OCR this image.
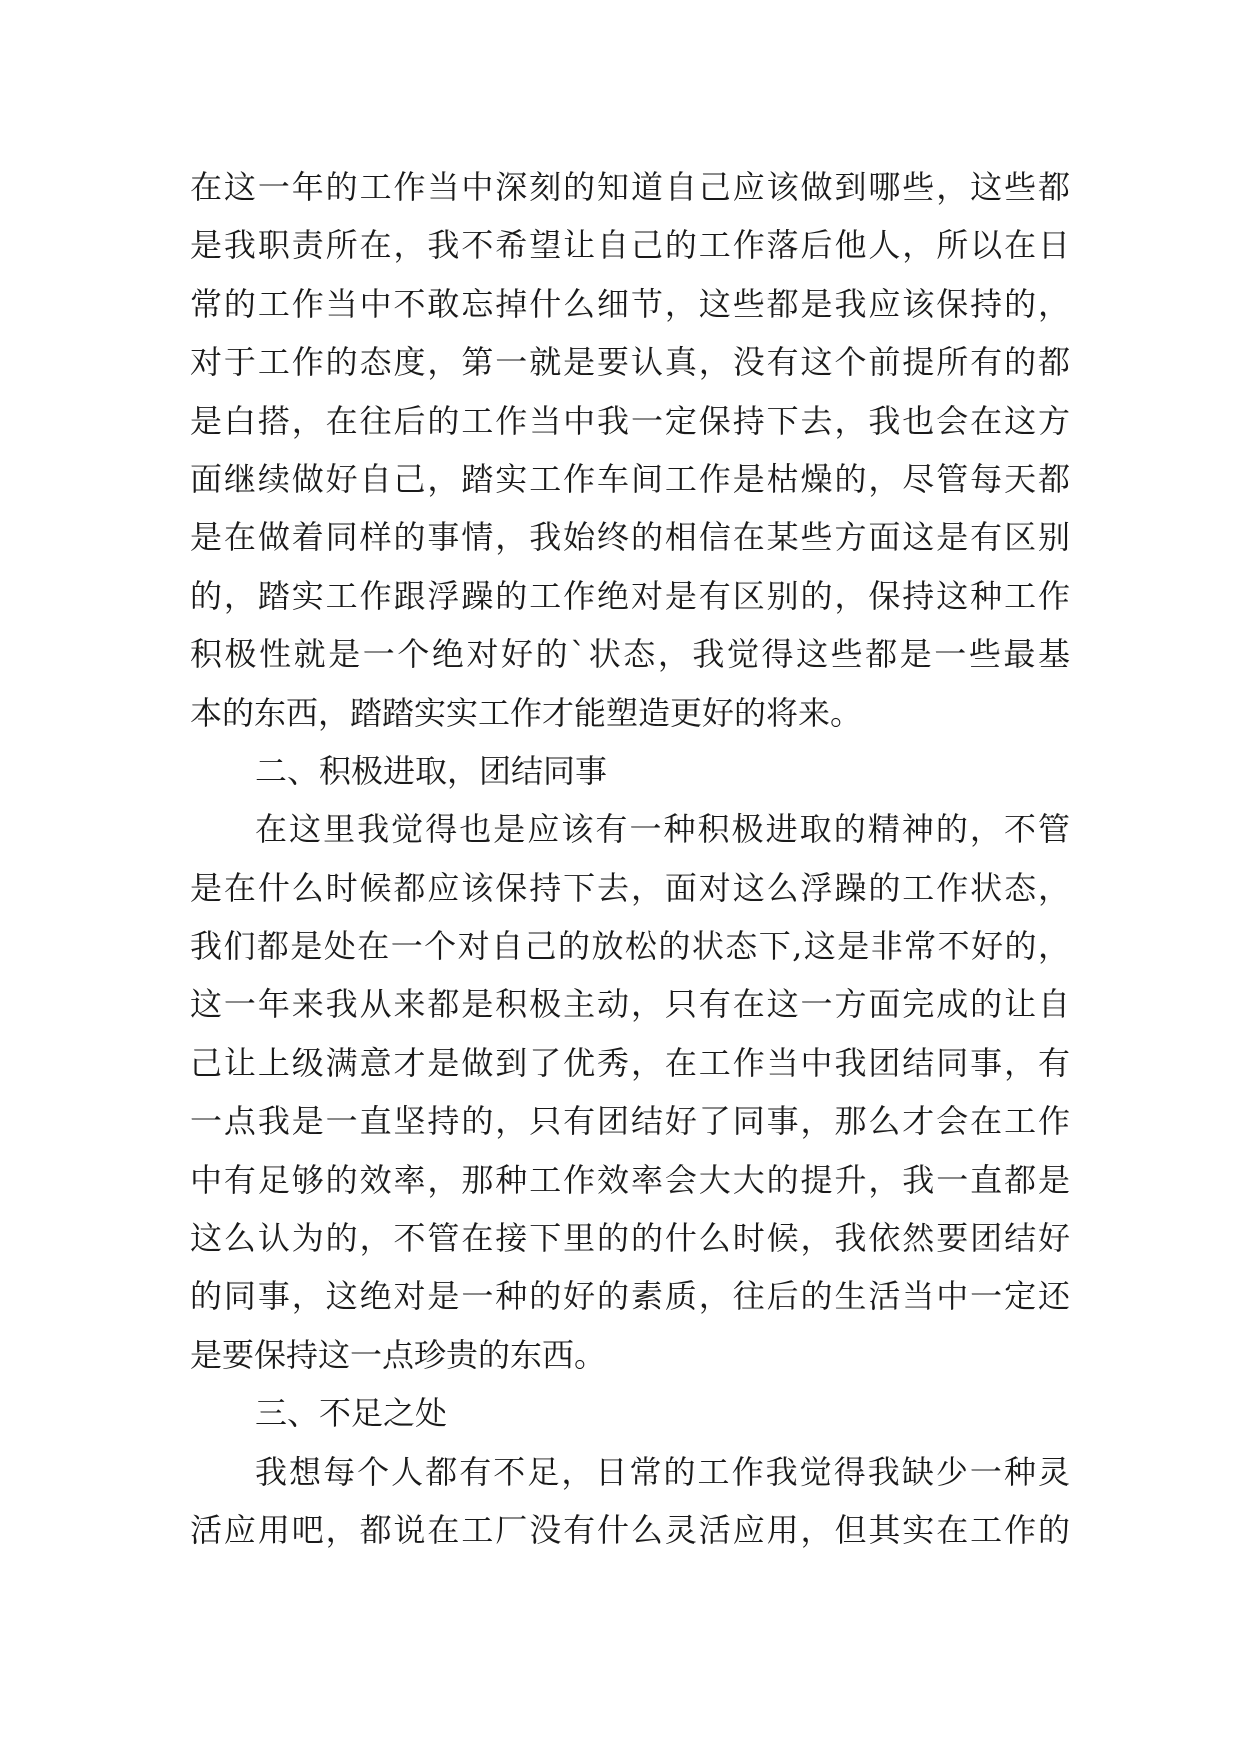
在这一年的工作当中深刻的知道自己应该做到哪些，这些都
是我职责所在，我不希望让自己的工作落后他人，所以在日
常的工作当中不敢忘掉什么细节，这些都是我应该保持的，
对于工作的态度，第一就是要认真，没有这个前提所有的都
是白搭，在往后的工作当中我一定保持下去，我也会在这方
面继续做好自己，踏实工作车间工作是枯燥的，尽管每天都
是在做着同样的事情，我始终的相信在某些方面这是有区别
的，踏实工作跟浮躁的工作绝对是有区别的，保持这种工作
积极性就是一个绝对好的`状态，我觉得这些都是一些最基
本的东西，踏踏实实工作才能塑造更好的将来。
二、积极进取，团结同事
在这里我觉得也是应该有一种积极进取的精神的，不管
是在什么时候都应该保持下去，面对这么浮躁的工作状态，
我们都是处在一个对自己的放松的状态下,这是非常不好的，
这一年来我从来都是积极主动，只有在这一方面完成的让自
己让上级满意才是做到了优秀，在工作当中我团结同事，有
一点我是一直坚持的，只有团结好了同事，那么才会在工作
中有足够的效率，那种工作效率会大大的提升，我一直都是
这么认为的，不管在接下里的的什么时候，我依然要团结好
的同事，这绝对是一种的好的素质，往后的生活当中一定还
是要保持这一点珍贵的东西。
三、不足之处
我想每个人都有不足，日常的工作我觉得我缺少一种灵
活应用吧，都说在工厂没有什么灵活应用，但其实在工作的
